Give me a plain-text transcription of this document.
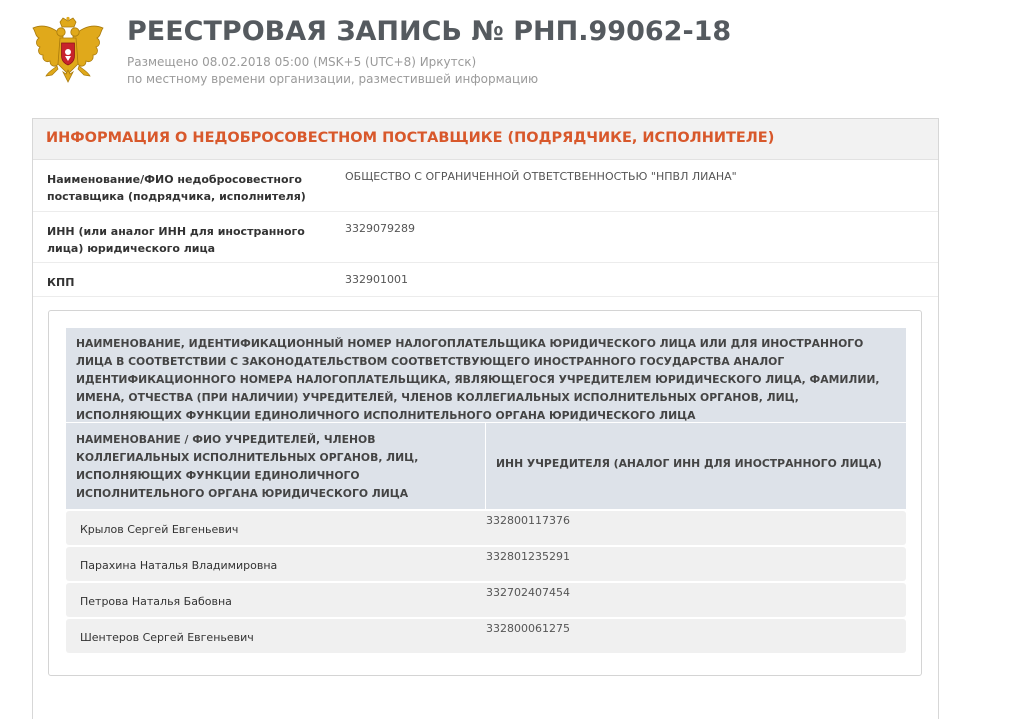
РЕЕСТРОВАЯ ЗАПИСЬ № РНП.99062-18
Размещено 08.02.2018 05:00 (MSK+5 (UTC+8) Иркутск)
по местному времени организации, разместившей информацию
ИНФОРМАЦИЯ О НЕДОБРОСОВЕСТНОМ ПОСТАВЩИКЕ (ПОДРЯДЧИКЕ, ИСПОЛНИТЕЛЕ)
Наименование/ФИО недобросовестного поставщика (подрядчика, исполнителя)
ОБЩЕСТВО С ОГРАНИЧЕННОЙ ОТВЕТСТВЕННОСТЬЮ "НПВЛ ЛИАНА"
ИНН (или аналог ИНН для иностранного лица) юридического лица
3329079289
КПП	332901001
НАИМЕНОВАНИЕ, ИДЕНТИФИКАЦИОННЫЙ НОМЕР НАЛОГОПЛАТЕЛЬЩИКА ЮРИДИЧЕСКОГО ЛИЦА ИЛИ ДЛЯ ИНОСТРАННОГО ЛИЦА В СООТВЕТСТВИИ С ЗАКОНОДАТЕЛЬСТВОМ СООТВЕТСТВУЮЩЕГО ИНОСТРАННОГО ГОСУДАРСТВА АНАЛОГ ИДЕНТИФИКАЦИОННОГО НОМЕРА НАЛОГОПЛАТЕЛЬЩИКА, ЯВЛЯЮЩЕГОСЯ УЧРЕДИТЕЛЕМ ЮРИДИЧЕСКОГО ЛИЦА, ФАМИЛИИ, ИМЕНА, ОТЧЕСТВА (ПРИ НАЛИЧИИ) УЧРЕДИТЕЛЕЙ, ЧЛЕНОВ КОЛЛЕГИАЛЬНЫХ ИСПОЛНИТЕЛЬНЫХ ОРГАНОВ, ЛИЦ, ИСПОЛНЯЮЩИХ ФУНКЦИИ ЕДИНОЛИЧНОГО ИСПОЛНИТЕЛЬНОГО ОРГАНА ЮРИДИЧЕСКОГО ЛИЦА
НАИМЕНОВАНИЕ / ФИО УЧРЕДИТЕЛЕЙ, ЧЛЕНОВ КОЛЛЕГИАЛЬНЫХ ИСПОЛНИТЕЛЬНЫХ ОРГАНОВ, ЛИЦ, ИСПОЛНЯЮЩИХ ФУНКЦИИ ЕДИНОЛИЧНОГО ИСПОЛНИТЕЛЬНОГО ОРГАНА ЮРИДИЧЕСКОГО ЛИЦА
ИНН УЧРЕДИТЕЛЯ (АНАЛОГ ИНН ДЛЯ ИНОСТРАННОГО ЛИЦА)
Крылов Сергей Евгеньевич
332800117376
Парахина Наталья Владимировна
332801235291
Петрова Наталья Бабовна
332702407454
Шентеров Сергей Евгеньевич
332800061275
